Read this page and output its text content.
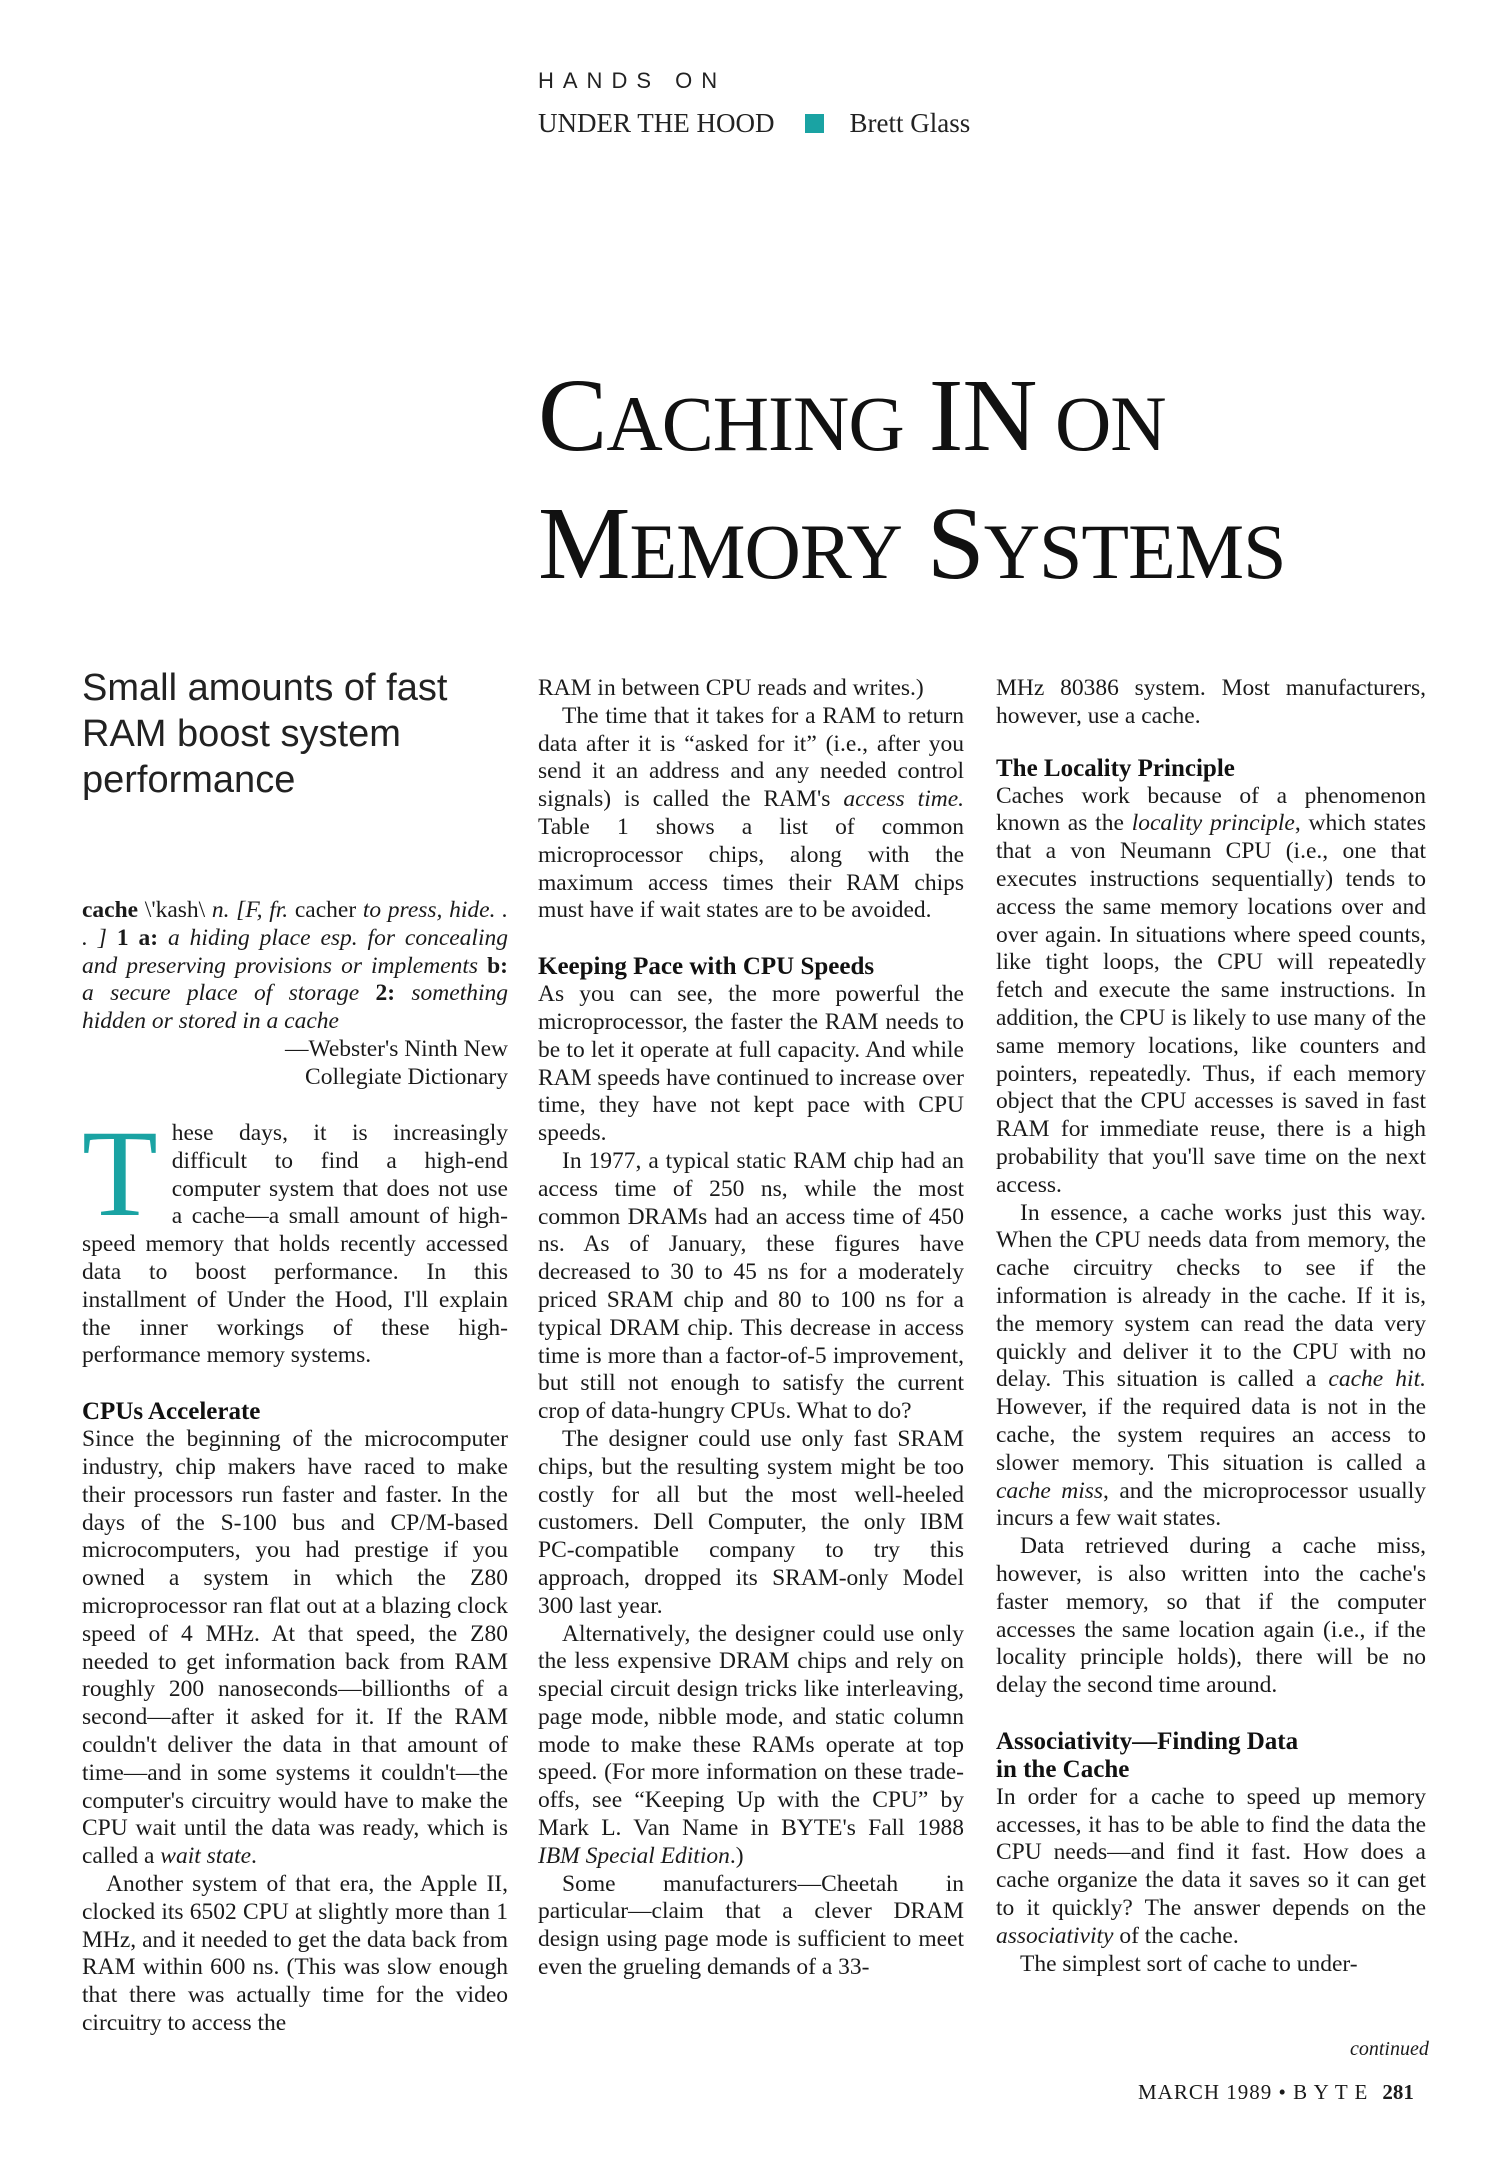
HANDS ON
UNDER THE HOOD	Brett Glass
CACHING IN ON
MEMORY SYSTEMS
Small amounts of fast RAM boost system performance
cache \'kash\ n. [F, fr. cacher to press, hide. . . ] 1 a: a hiding place esp. for concealing and preserving provisions or implements b: a secure place of storage 2: something hidden or stored in a cache
—Webster's Ninth New
Collegiate Dictionary

These days, it is increasingly difficult to find a high-end computer system that does not use a cache—a small amount of high-speed memory that holds recently accessed data to boost performance. In this installment of Under the Hood, I'll explain the inner workings of these high-performance memory systems.

CPUs Accelerate

Since the beginning of the microcomputer industry, chip makers have raced to make their processors run faster and faster. In the days of the S-100 bus and CP/M-based microcomputers, you had prestige if you owned a system in which the Z80 microprocessor ran flat out at a blazing clock speed of 4 MHz. At that speed, the Z80 needed to get information back from RAM roughly 200 nanoseconds—billionths of a second—after it asked for it. If the RAM couldn't deliver the data in that amount of time—and in some systems it couldn't—the computer's circuitry would have to make the CPU wait until the data was ready, which is called a wait state.

Another system of that era, the Apple II, clocked its 6502 CPU at slightly more than 1 MHz, and it needed to get the data back from RAM within 600 ns. (This was slow enough that there was actually time for the video circuitry to access the

RAM in between CPU reads and writes.)

The time that it takes for a RAM to return data after it is “asked for it” (i.e., after you send it an address and any needed control signals) is called the RAM's access time. Table 1 shows a list of common microprocessor chips, along with the maximum access times their RAM chips must have if wait states are to be avoided.

Keeping Pace with CPU Speeds

As you can see, the more powerful the microprocessor, the faster the RAM needs to be to let it operate at full capacity. And while RAM speeds have continued to increase over time, they have not kept pace with CPU speeds.

In 1977, a typical static RAM chip had an access time of 250 ns, while the most common DRAMs had an access time of 450 ns. As of January, these figures have decreased to 30 to 45 ns for a moderately priced SRAM chip and 80 to 100 ns for a typical DRAM chip. This decrease in access time is more than a factor-of-5 improvement, but still not enough to satisfy the current crop of data-hungry CPUs. What to do?

The designer could use only fast SRAM chips, but the resulting system might be too costly for all but the most well-heeled customers. Dell Computer, the only IBM PC-compatible company to try this approach, dropped its SRAM-only Model 300 last year.

Alternatively, the designer could use only the less expensive DRAM chips and rely on special circuit design tricks like interleaving, page mode, nibble mode, and static column mode to make these RAMs operate at top speed. (For more information on these trade-offs, see “Keeping Up with the CPU” by Mark L. Van Name in BYTE's Fall 1988 IBM Special Edition.)

Some manufacturers—Cheetah in particular—claim that a clever DRAM design using page mode is sufficient to meet even the grueling demands of a 33-

MHz 80386 system. Most manufacturers, however, use a cache.

The Locality Principle

Caches work because of a phenomenon known as the locality principle, which states that a von Neumann CPU (i.e., one that executes instructions sequentially) tends to access the same memory locations over and over again. In situations where speed counts, like tight loops, the CPU will repeatedly fetch and execute the same instructions. In addition, the CPU is likely to use many of the same memory locations, like counters and pointers, repeatedly. Thus, if each memory object that the CPU accesses is saved in fast RAM for immediate reuse, there is a high probability that you'll save time on the next access.

In essence, a cache works just this way. When the CPU needs data from memory, the cache circuitry checks to see if the information is already in the cache. If it is, the memory system can read the data very quickly and deliver it to the CPU with no delay. This situation is called a cache hit. However, if the required data is not in the cache, the system requires an access to slower memory. This situation is called a cache miss, and the microprocessor usually incurs a few wait states.

Data retrieved during a cache miss, however, is also written into the cache's faster memory, so that if the computer accesses the same location again (i.e., if the locality principle holds), there will be no delay the second time around.

Associativity—Finding Data
in the Cache

In order for a cache to speed up memory accesses, it has to be able to find the data the CPU needs—and find it fast. How does a cache organize the data it saves so it can get to it quickly? The answer depends on the associativity of the cache.

The simplest sort of cache to under-

continued
MARCH 1989 • B Y T E 281
